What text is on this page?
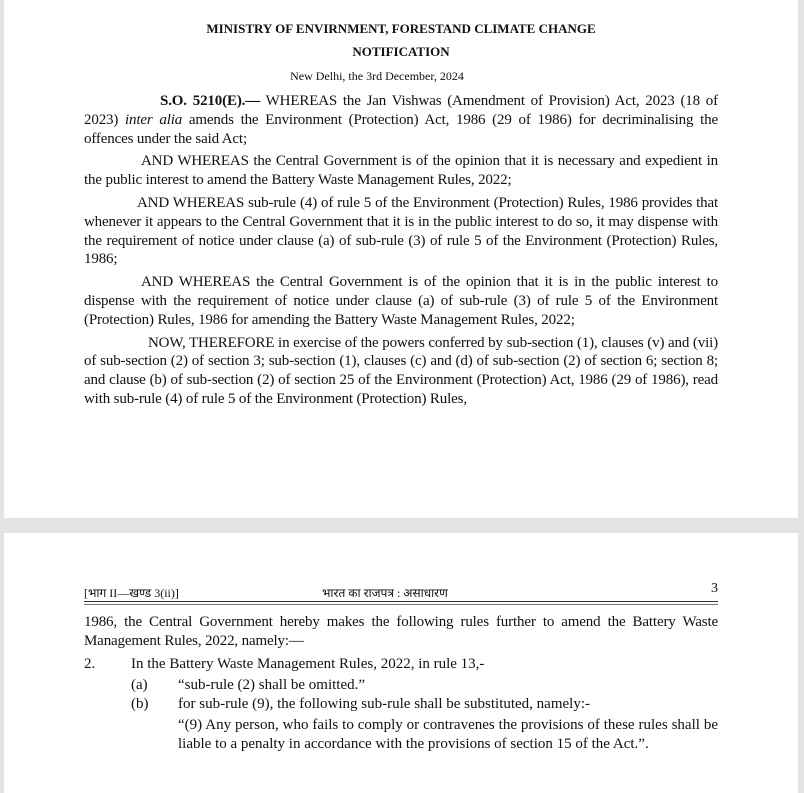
MINISTRY OF ENVIRNMENT, FORESTAND CLIMATE CHANGE
NOTIFICATION
New Delhi, the 3rd December, 2024

S.O. 5210(E).— WHEREAS the Jan Vishwas (Amendment of Provision) Act, 2023 (18 of 2023) inter alia amends the Environment (Protection) Act, 1986 (29 of 1986) for decriminalising the offences under the said Act;

AND WHEREAS the Central Government is of the opinion that it is necessary and expedient in the public interest to amend the Battery Waste Management Rules, 2022;

AND WHEREAS sub-rule (4) of rule 5 of the Environment (Protection) Rules, 1986 provides that whenever it appears to the Central Government that it is in the public interest to do so, it may dispense with the requirement of notice under clause (a) of sub-rule (3) of rule 5 of the Environment (Protection) Rules, 1986;

AND WHEREAS the Central Government is of the opinion that it is in the public interest to dispense with the requirement of notice under clause (a) of sub-rule (3) of rule 5 of the Environment (Protection) Rules, 1986 for amending the Battery Waste Management Rules, 2022;

NOW, THEREFORE in exercise of the powers conferred by sub-section (1), clauses (v) and (vii) of sub-section (2) of section 3; sub-section (1), clauses (c) and (d) of sub-section (2) of section 6; section 8; and clause (b) of sub-section (2) of section 25 of the Environment (Protection) Act, 1986 (29 of 1986), read with sub-rule (4) of rule 5 of the Environment (Protection) Rules,

[भाग II—खण्ड 3(ii)]	भारत का राजपत्र : असाधारण	3

1986, the Central Government hereby makes the following rules further to amend the Battery Waste Management Rules, 2022, namely:—

2.	In the Battery Waste Management Rules, 2022, in rule 13,-
(a)	“sub-rule (2) shall be omitted.”
(b)	for sub-rule (9), the following sub-rule shall be substituted, namely:-
“(9) Any person, who fails to comply or contravenes the provisions of these rules shall be liable to a penalty in accordance with the provisions of section 15 of the Act.”.
